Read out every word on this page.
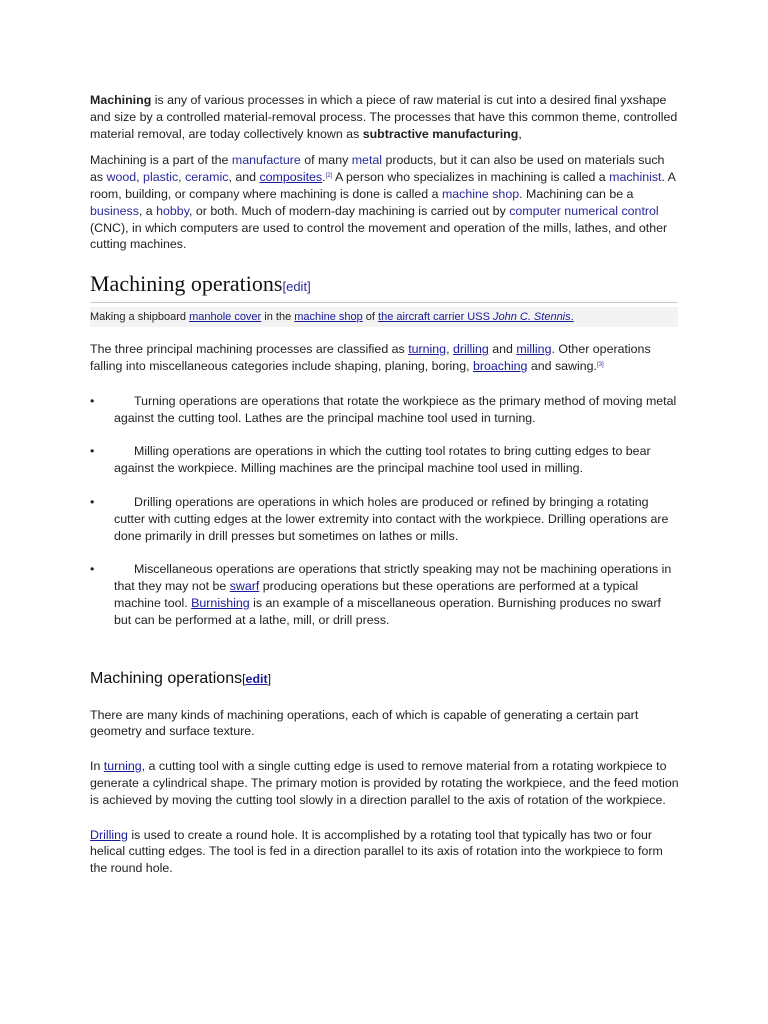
Machining is any of various processes in which a piece of raw material is cut into a desired final yxshape and size by a controlled material-removal process. The processes that have this common theme, controlled material removal, are today collectively known as subtractive manufacturing,

Machining is a part of the manufacture of many metal products, but it can also be used on materials such as wood, plastic, ceramic, and composites.[2] A person who specializes in machining is called a machinist. A room, building, or company where machining is done is called a machine shop. Machining can be a business, a hobby, or both. Much of modern-day machining is carried out by computer numerical control (CNC), in which computers are used to control the movement and operation of the mills, lathes, and other cutting machines.

Machining operations[edit]
Making a shipboard manhole cover in the machine shop of the aircraft carrier USS John C. Stennis.

The three principal machining processes are classified as turning, drilling and milling. Other operations falling into miscellaneous categories include shaping, planing, boring, broaching and sawing.[3]

•	Turning operations are operations that rotate the workpiece as the primary method of moving metal against the cutting tool. Lathes are the principal machine tool used in turning.
•	Milling operations are operations in which the cutting tool rotates to bring cutting edges to bear against the workpiece. Milling machines are the principal machine tool used in milling.
•	Drilling operations are operations in which holes are produced or refined by bringing a rotating cutter with cutting edges at the lower extremity into contact with the workpiece. Drilling operations are done primarily in drill presses but sometimes on lathes or mills.
•	Miscellaneous operations are operations that strictly speaking may not be machining operations in that they may not be swarf producing operations but these operations are performed at a typical machine tool. Burnishing is an example of a miscellaneous operation. Burnishing produces no swarf but can be performed at a lathe, mill, or drill press.
Machining operations[edit]

There are many kinds of machining operations, each of which is capable of generating a certain part geometry and surface texture.

In turning, a cutting tool with a single cutting edge is used to remove material from a rotating workpiece to generate a cylindrical shape. The primary motion is provided by rotating the workpiece, and the feed motion is achieved by moving the cutting tool slowly in a direction parallel to the axis of rotation of the workpiece.

Drilling is used to create a round hole. It is accomplished by a rotating tool that typically has two or four helical cutting edges. The tool is fed in a direction parallel to its axis of rotation into the workpiece to form the round hole.
